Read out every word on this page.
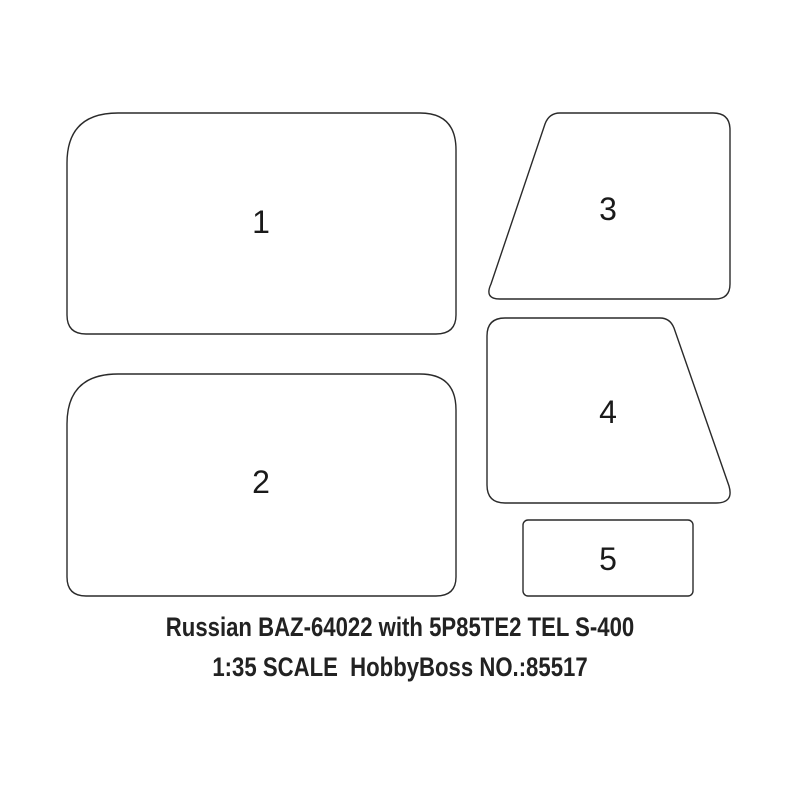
1
2
3
4
5
Russian BAZ-64022 with 5P85TE2 TEL S-400
1:35 SCALE  HobbyBoss NO.:85517
